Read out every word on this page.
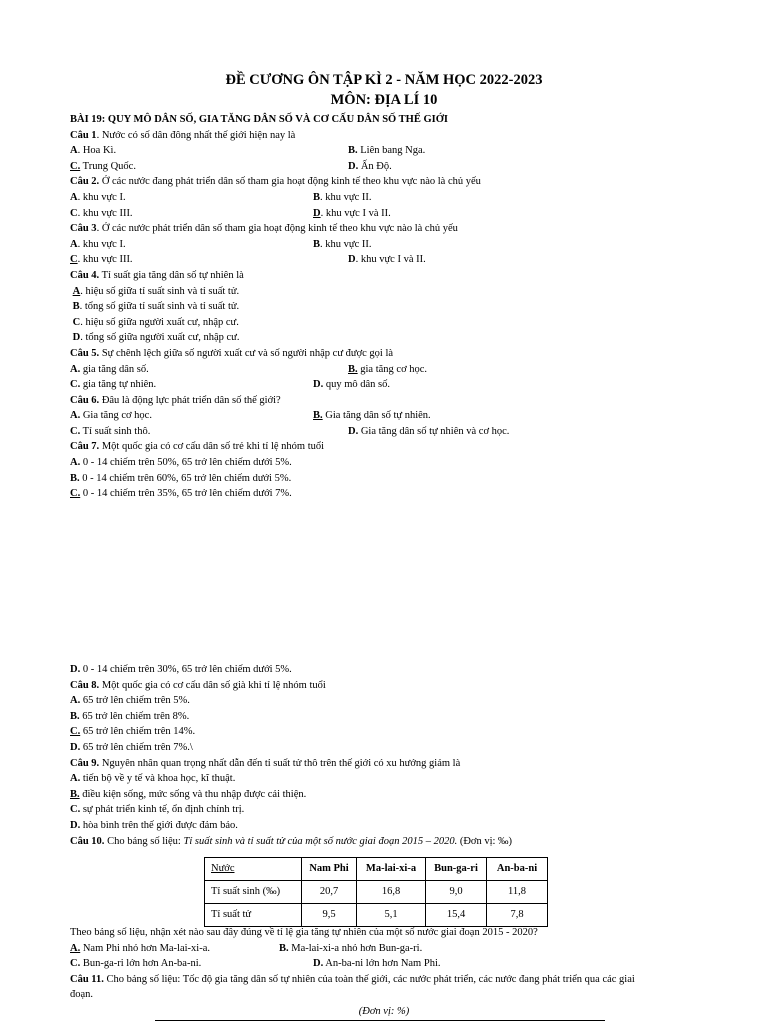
ĐỀ CƯƠNG ÔN TẬP KÌ 2 - NĂM HỌC 2022-2023
MÔN: ĐỊA LÍ 10
BÀI 19: QUY MÔ DÂN SỐ, GIA TĂNG DÂN SỐ VÀ CƠ CẤU DÂN SỐ THẾ GIỚI
Câu 1. Nước có số dân đông nhất thế giới hiện nay là
A. Hoa Kì.	B. Liên bang Nga.
C. Trung Quốc.	D. Ấn Độ.
Câu 2. Ở các nước đang phát triển dân số tham gia hoạt động kinh tế theo khu vực nào là chủ yếu
A. khu vực I.	B. khu vực II.
C. khu vực III.	D. khu vực I và II.
Câu 3. Ở các nước phát triển dân số tham gia hoạt động kinh tế theo khu vực nào là chủ yếu
A. khu vực I.	B. khu vực II.
C. khu vực III.	D. khu vực I và II.
Câu 4. Tỉ suất gia tăng dân số tự nhiên là
A. hiệu số giữa tỉ suất sinh và tỉ suất tử.
B. tổng số giữa tỉ suất sinh và tỉ suất tử.
C. hiệu số giữa người xuất cư, nhập cư.
D. tổng số giữa người xuất cư, nhập cư.
Câu 5. Sự chênh lệch giữa số người xuất cư và số người nhập cư được gọi là
A. gia tăng dân số.	B. gia tăng cơ học.
C. gia tăng tự nhiên.	D. quy mô dân số.
Câu 6. Đâu là động lực phát triển dân số thế giới?
A. Gia tăng cơ học.	B. Gia tăng dân số tự nhiên.
C. Tỉ suất sinh thô.	D. Gia tăng dân số tự nhiên và cơ học.
Câu 7. Một quốc gia có cơ cấu dân số trẻ khi tỉ lệ nhóm tuổi
A. 0 - 14 chiếm trên 50%, 65 trở lên chiếm dưới 5%.
B. 0 - 14 chiếm trên 60%, 65 trở lên chiếm dưới 5%.
C. 0 - 14 chiếm trên 35%, 65 trở lên chiếm dưới 7%.
D. 0 - 14 chiếm trên 30%, 65 trở lên chiếm dưới 5%.
Câu 8. Một quốc gia có cơ cấu dân số già khi tỉ lệ nhóm tuổi
A. 65 trở lên chiếm trên 5%.
B. 65 trở lên chiếm trên 8%.
C. 65 trở lên chiếm trên 14%.
D. 65 trở lên chiếm trên 7%.\
Câu 9. Nguyên nhân quan trọng nhất dẫn đến tỉ suất tử thô trên thế giới có xu hướng giảm là
A. tiến bộ về y tế và khoa học, kĩ thuật.
B. điều kiện sống, mức sống và thu nhập được cải thiện.
C. sự phát triển kinh tế, ổn định chính trị.
D. hòa bình trên thế giới được đảm bảo.
Câu 10. Cho bảng số liệu: Tỉ suất sinh và tỉ suất tử của một số nước giai đoạn 2015 – 2020. (Đơn vị: ‰)
Nước	Nam Phi	Ma-lai-xi-a	Bun-ga-ri	An-ba-ni
Tỉ suất sinh (‰)	20,7	16,8	9,0	11,8
Tỉ suất tử	9,5	5,1	15,4	7,8
Theo bảng số liệu, nhận xét nào sau đây đúng về tỉ lệ gia tăng tự nhiên của một số nước giai đoạn 2015 - 2020?
A. Nam Phi nhỏ hơn Ma-lai-xi-a.	B. Ma-lai-xi-a nhỏ hơn Bun-ga-ri.
C. Bun-ga-ri lớn hơn An-ba-ni.	D. An-ba-ni lớn hơn Nam Phi.
Câu 11. Cho bảng số liệu: Tốc độ gia tăng dân số tự nhiên của toàn thế giới, các nước phát triển, các nước đang phát triển qua các giai
đoạn.
(Đơn vị: %)
